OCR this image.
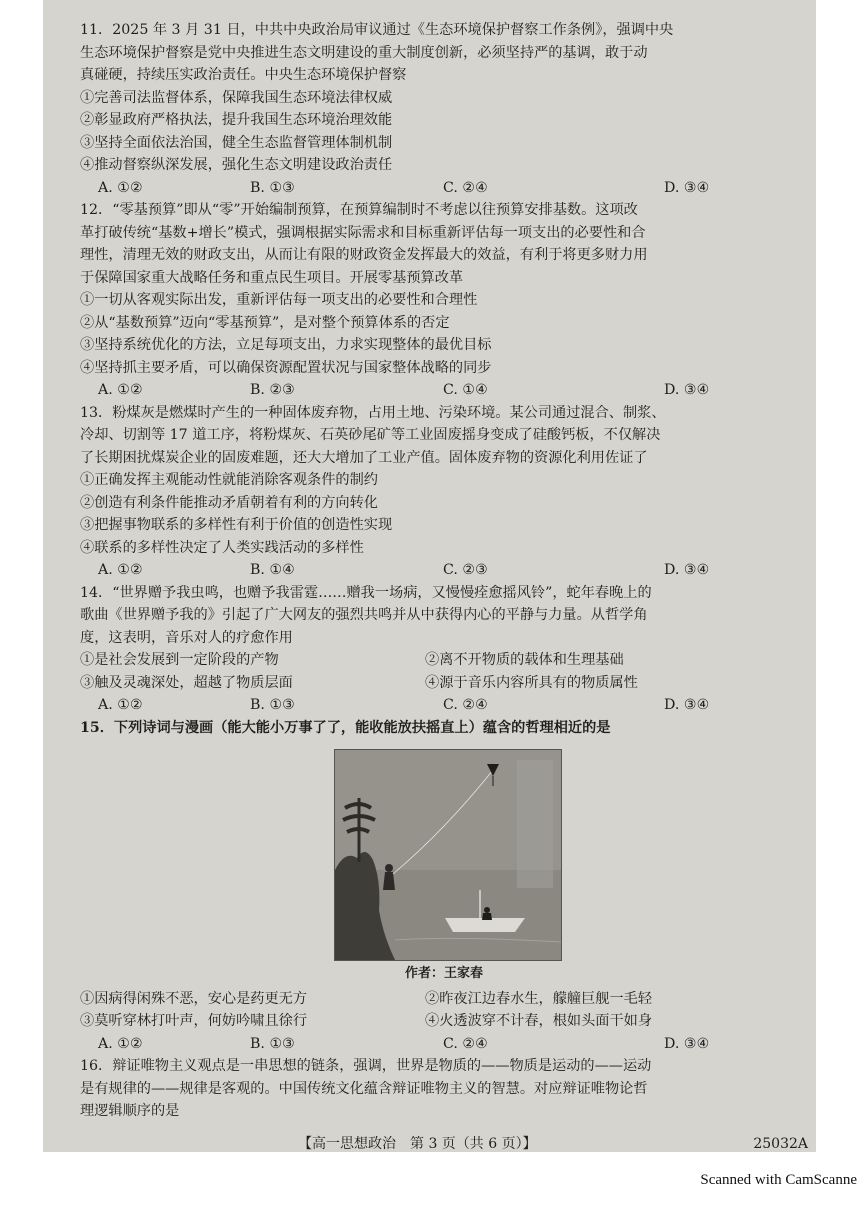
11．2025 年 3 月 31 日，中共中央政治局审议通过《生态环境保护督察工作条例》，强调中央
生态环境保护督察是党中央推进生态文明建设的重大制度创新，必须坚持严的基调，敢于动
真碰硬，持续压实政治责任。中央生态环境保护督察
①完善司法监督体系，保障我国生态环境法律权威
②彰显政府严格执法，提升我国生态环境治理效能
③坚持全面依法治国，健全生态监督管理体制机制
④推动督察纵深发展，强化生态文明建设政治责任
A. ①②	B. ①③	C. ②④	D. ③④
12．“零基预算”即从“零”开始编制预算，在预算编制时不考虑以往预算安排基数。这项改
革打破传统“基数+增长”模式，强调根据实际需求和目标重新评估每一项支出的必要性和合
理性，清理无效的财政支出，从而让有限的财政资金发挥最大的效益，有利于将更多财力用
于保障国家重大战略任务和重点民生项目。开展零基预算改革
①一切从客观实际出发，重新评估每一项支出的必要性和合理性
②从“基数预算”迈向“零基预算”，是对整个预算体系的否定
③坚持系统优化的方法，立足每项支出，力求实现整体的最优目标
④坚持抓主要矛盾，可以确保资源配置状况与国家整体战略的同步
A. ①②	B. ②③	C. ①④	D. ③④
13．粉煤灰是燃煤时产生的一种固体废弃物，占用土地、污染环境。某公司通过混合、制浆、
冷却、切割等 17 道工序，将粉煤灰、石英砂尾矿等工业固废摇身变成了硅酸钙板，不仅解决
了长期困扰煤炭企业的固废难题，还大大增加了工业产值。固体废弃物的资源化利用佐证了
①正确发挥主观能动性就能消除客观条件的制约
②创造有利条件能推动矛盾朝着有利的方向转化
③把握事物联系的多样性有利于价值的创造性实现
④联系的多样性决定了人类实践活动的多样性
A. ①②	B. ①④	C. ②③	D. ③④
14．“世界赠予我虫鸣，也赠予我雷霆……赠我一场病，又慢慢痊愈摇风铃”，蛇年春晚上的
歌曲《世界赠予我的》引起了广大网友的强烈共鸣并从中获得内心的平静与力量。从哲学角
度，这表明，音乐对人的疗愈作用
①是社会发展到一定阶段的产物	②离不开物质的载体和生理基础
③触及灵魂深处，超越了物质层面	④源于音乐内容所具有的物质属性
A. ①②	B. ①③	C. ②④	D. ③④
15．下列诗词与漫画（能大能小万事了了，能收能放扶摇直上）蕴含的哲理相近的是
作者：王家春
①因病得闲殊不恶，安心是药更无方	②昨夜江边春水生，艨艟巨舰一毛轻
③莫听穿林打叶声，何妨吟啸且徐行	④火透波穿不计春，根如头面干如身
A. ①②	B. ①③	C. ②④	D. ③④
16．辩证唯物主义观点是一串思想的链条，强调，世界是物质的——物质是运动的——运动
是有规律的——规律是客观的。中国传统文化蕴含辩证唯物主义的智慧。对应辩证唯物论哲
理逻辑顺序的是
【高一思想政治　第 3 页（共 6 页）】	25032A
Scanned with CamScanne
